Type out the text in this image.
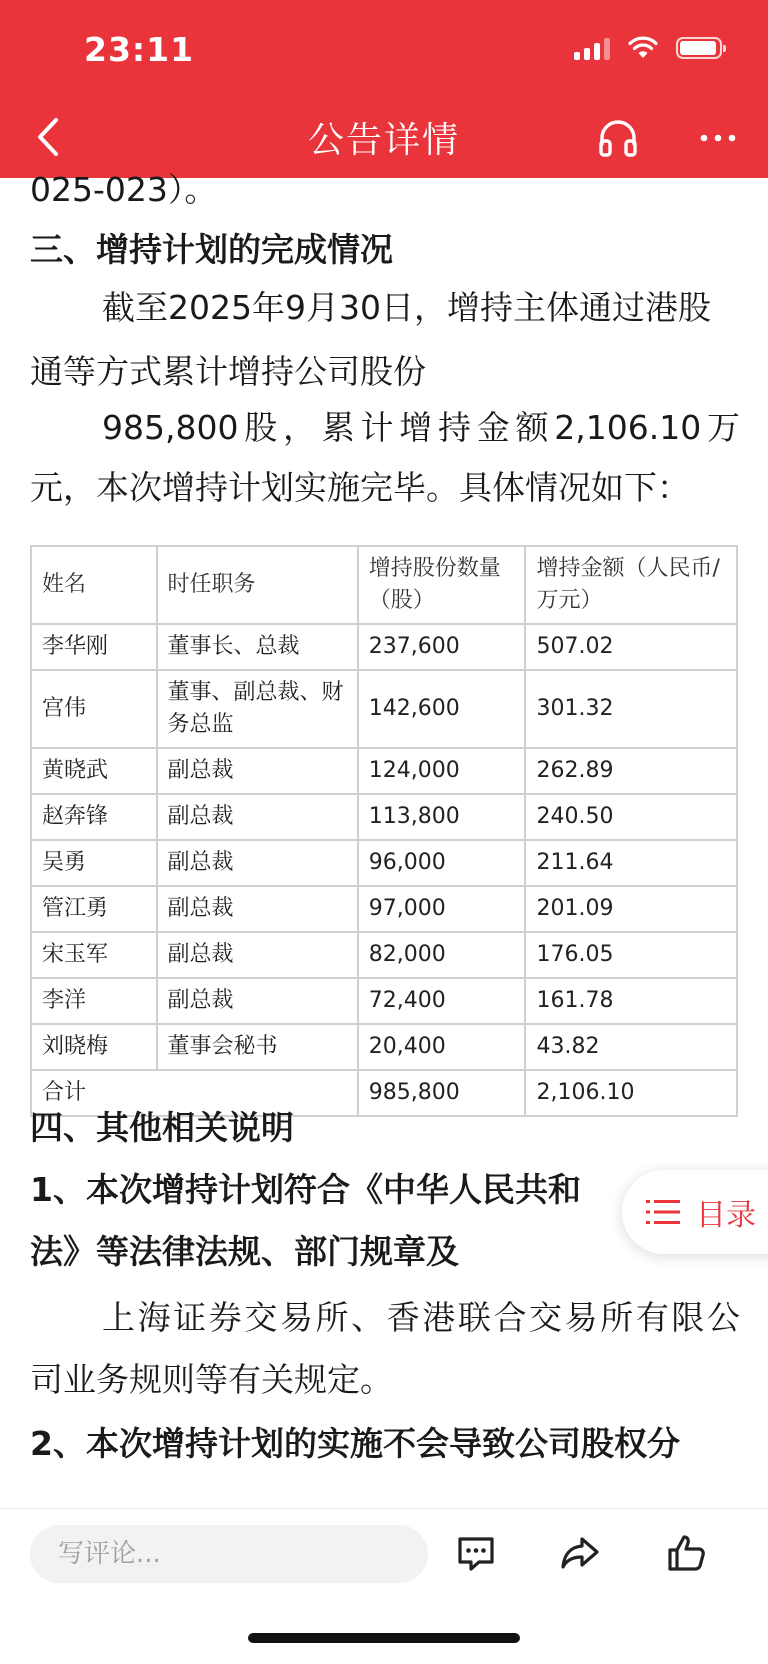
23:11
公告详情

025-023）。

三、增持计划的完成情况

截至2025年9月30日，增持主体通过港股通等方式累计增持公司股份

985,800股，累计增持金额2,106.10万

元，本次增持计划实施完毕。具体情况如下：

姓名	时任职务	增持股份数量（股）	增持金额（人民币/万元）
李华刚	董事长、总裁	237,600	507.02
宫伟	董事、副总裁、财务总监	142,600	301.32
黄晓武	副总裁	124,000	262.89
赵奔锋	副总裁	113,800	240.50
吴勇	副总裁	96,000	211.64
管江勇	副总裁	97,000	201.09
宋玉军	副总裁	82,000	176.05
李洋	副总裁	72,400	161.78
刘晓梅	董事会秘书	20,400	43.82
合计		985,800	2,106.10

四、其他相关说明

1、本次增持计划符合《中华人民共和

法》等法律法规、部门规章及

上海证券交易所、香港联合交易所有限公

司业务规则等有关规定。

2、本次增持计划的实施不会导致公司股权分

目录
写评论...
